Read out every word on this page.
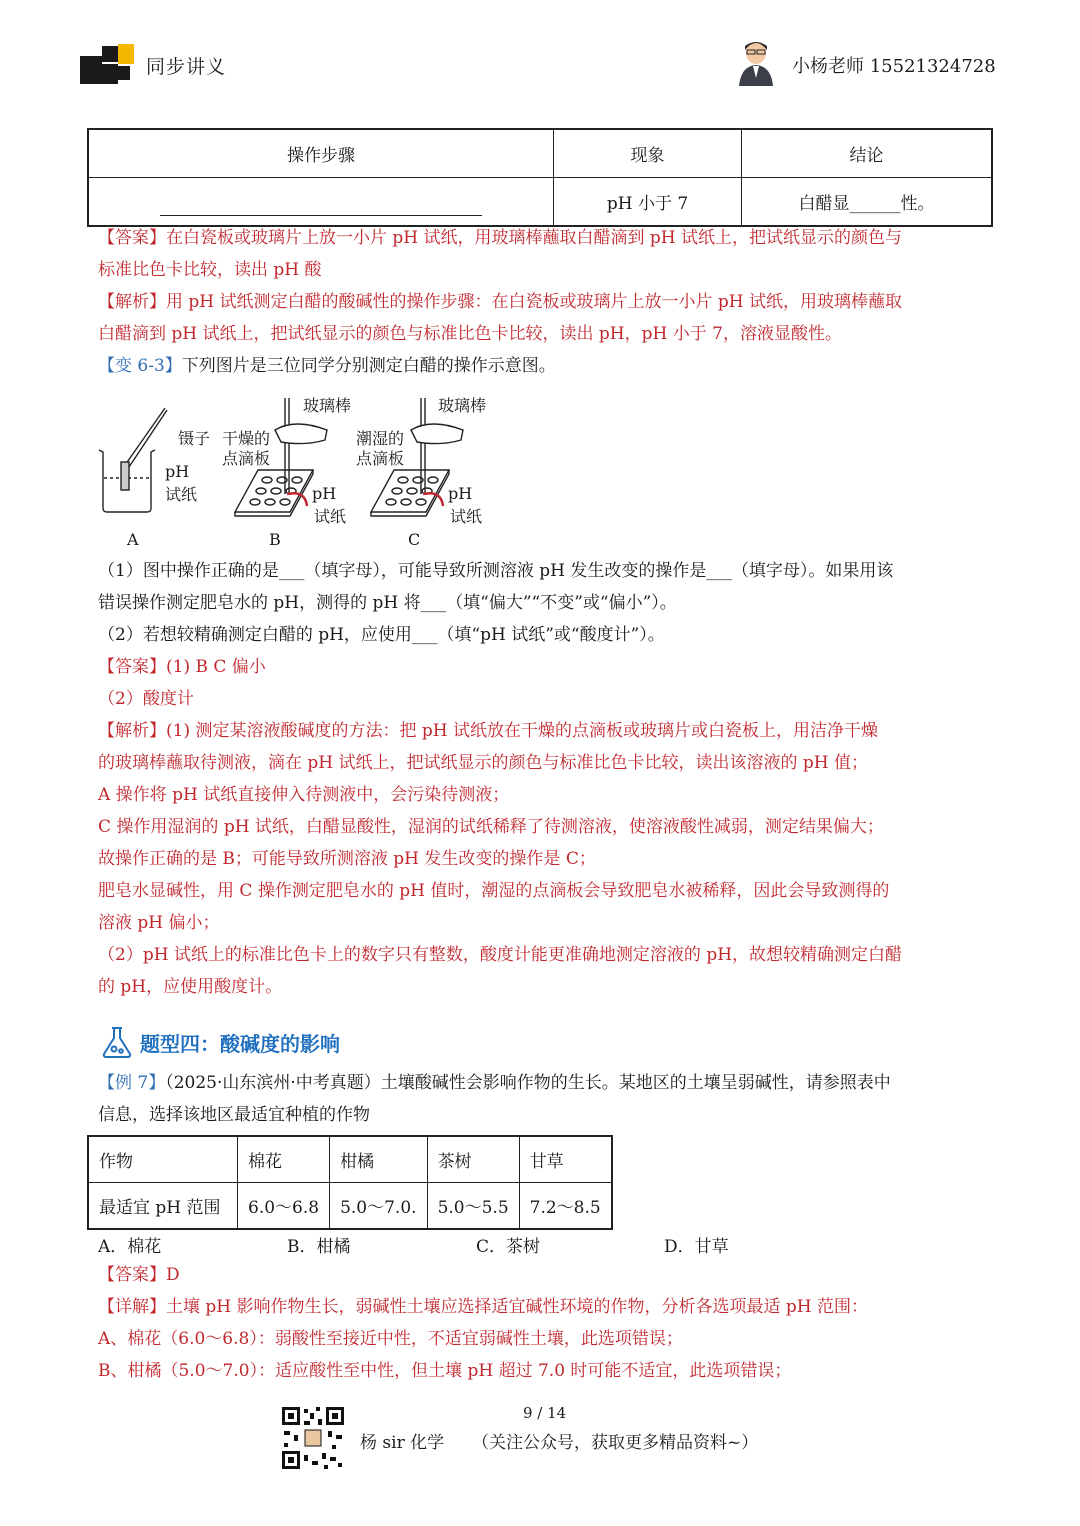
同步讲义	小杨老师 15521324728
操作步骤	现象	结论

	pH 小于 7	白醋显______性。
【答案】在白瓷板或玻璃片上放一小片 pH 试纸，用玻璃棒蘸取白醋滴到 pH 试纸上，把试纸显示的颜色与
标准比色卡比较，读出 pH 酸
【解析】用 pH 试纸测定白醋的酸碱性的操作步骤：在白瓷板或玻璃片上放一小片 pH 试纸，用玻璃棒蘸取
白醋滴到 pH 试纸上，把试纸显示的颜色与标准比色卡比较，读出 pH，pH 小于 7，溶液显酸性。
【变 6-3】下列图片是三位同学分别测定白醋的操作示意图。
镊子
pH
试纸
干燥的
点滴板
玻璃棒
pH
试纸
潮湿的
点滴板
玻璃棒
pH
试纸
A	B	C
（1）图中操作正确的是___（填字母），可能导致所测溶液 pH 发生改变的操作是___（填字母）。如果用该
错误操作测定肥皂水的 pH，测得的 pH 将___（填“偏大”“不变”或“偏小”）。
（2）若想较精确测定白醋的 pH，应使用___（填“pH 试纸”或“酸度计”）。
【答案】(1) B C 偏小
（2）酸度计
【解析】(1) 测定某溶液酸碱度的方法：把 pH 试纸放在干燥的点滴板或玻璃片或白瓷板上，用洁净干燥
的玻璃棒蘸取待测液，滴在 pH 试纸上，把试纸显示的颜色与标准比色卡比较，读出该溶液的 pH 值；
A 操作将 pH 试纸直接伸入待测液中，会污染待测液；
C 操作用湿润的 pH 试纸，白醋显酸性，湿润的试纸稀释了待测溶液，使溶液酸性减弱，测定结果偏大；
故操作正确的是 B；可能导致所测溶液 pH 发生改变的操作是 C；
肥皂水显碱性，用 C 操作测定肥皂水的 pH 值时，潮湿的点滴板会导致肥皂水被稀释，因此会导致测得的
溶液 pH 偏小；
（2）pH 试纸上的标准比色卡上的数字只有整数，酸度计能更准确地测定溶液的 pH，故想较精确测定白醋
的 pH，应使用酸度计。
题型四：酸碱度的影响
【例 7】（2025·山东滨州·中考真题）土壤酸碱性会影响作物的生长。某地区的土壤呈弱碱性，请参照表中
信息，选择该地区最适宜种植的作物
作物	棉花	柑橘	茶树	甘草
最适宜 pH 范围	6.0～6.8	5.0～7.0.	5.0～5.5	7.2～8.5
A．棉花	B．柑橘	C．茶树	D．甘草
【答案】D
【详解】土壤 pH 影响作物生长，弱碱性土壤应选择适宜碱性环境的作物，分析各选项最适 pH 范围：
A、棉花（6.0～6.8）：弱酸性至接近中性，不适宜弱碱性土壤，此选项错误；
B、柑橘（5.0～7.0）：适应酸性至中性，但土壤 pH 超过 7.0 时可能不适宜，此选项错误；
9 / 14
杨 sir 化学 （关注公众号，获取更多精品资料~）
